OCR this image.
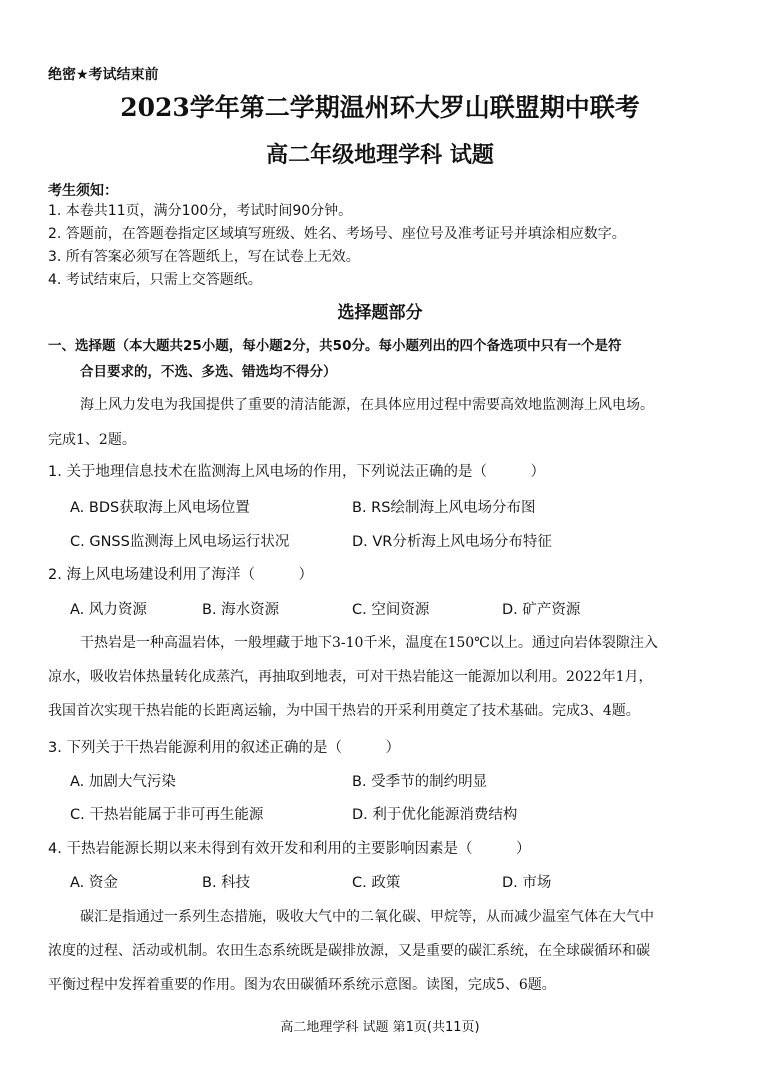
绝密★考试结束前
2023学年第二学期温州环大罗山联盟期中联考
高二年级地理学科 试题
考生须知：
1. 本卷共11页，满分100分，考试时间90分钟。
2. 答题前，在答题卷指定区域填写班级、姓名、考场号、座位号及准考证号并填涂相应数字。
3. 所有答案必须写在答题纸上，写在试卷上无效。
4. 考试结束后，只需上交答题纸。
选择题部分
一、选择题（本大题共25小题，每小题2分，共50分。每小题列出的四个备选项中只有一个是符
合目要求的，不选、多选、错选均不得分）
海上风力发电为我国提供了重要的清洁能源，在具体应用过程中需要高效地监测海上风电场。
完成1、2题。
1. 关于地理信息技术在监测海上风电场的作用，下列说法正确的是（　　　）
A. BDS获取海上风电场位置	B. RS绘制海上风电场分布图
C. GNSS监测海上风电场运行状况	D. VR分析海上风电场分布特征
2. 海上风电场建设利用了海洋（　　　）
A. 风力资源	B. 海水资源	C. 空间资源	D. 矿产资源
干热岩是一种高温岩体，一般埋藏于地下3-10千米，温度在150℃以上。通过向岩体裂隙注入
凉水，吸收岩体热量转化成蒸汽，再抽取到地表，可对干热岩能这一能源加以利用。2022年1月，
我国首次实现干热岩能的长距离运输，为中国干热岩的开采利用奠定了技术基础。完成3、4题。
3. 下列关于干热岩能源利用的叙述正确的是（　　　）
A. 加剧大气污染	B. 受季节的制约明显
C. 干热岩能属于非可再生能源	D. 利于优化能源消费结构
4. 干热岩能源长期以来未得到有效开发和利用的主要影响因素是（　　　）
A. 资金	B. 科技	C. 政策	D. 市场
碳汇是指通过一系列生态措施，吸收大气中的二氧化碳、甲烷等，从而减少温室气体在大气中
浓度的过程、活动或机制。农田生态系统既是碳排放源，又是重要的碳汇系统，在全球碳循环和碳
平衡过程中发挥着重要的作用。图为农田碳循环系统示意图。读图，完成5、6题。
高二地理学科 试题 第1页(共11页)
